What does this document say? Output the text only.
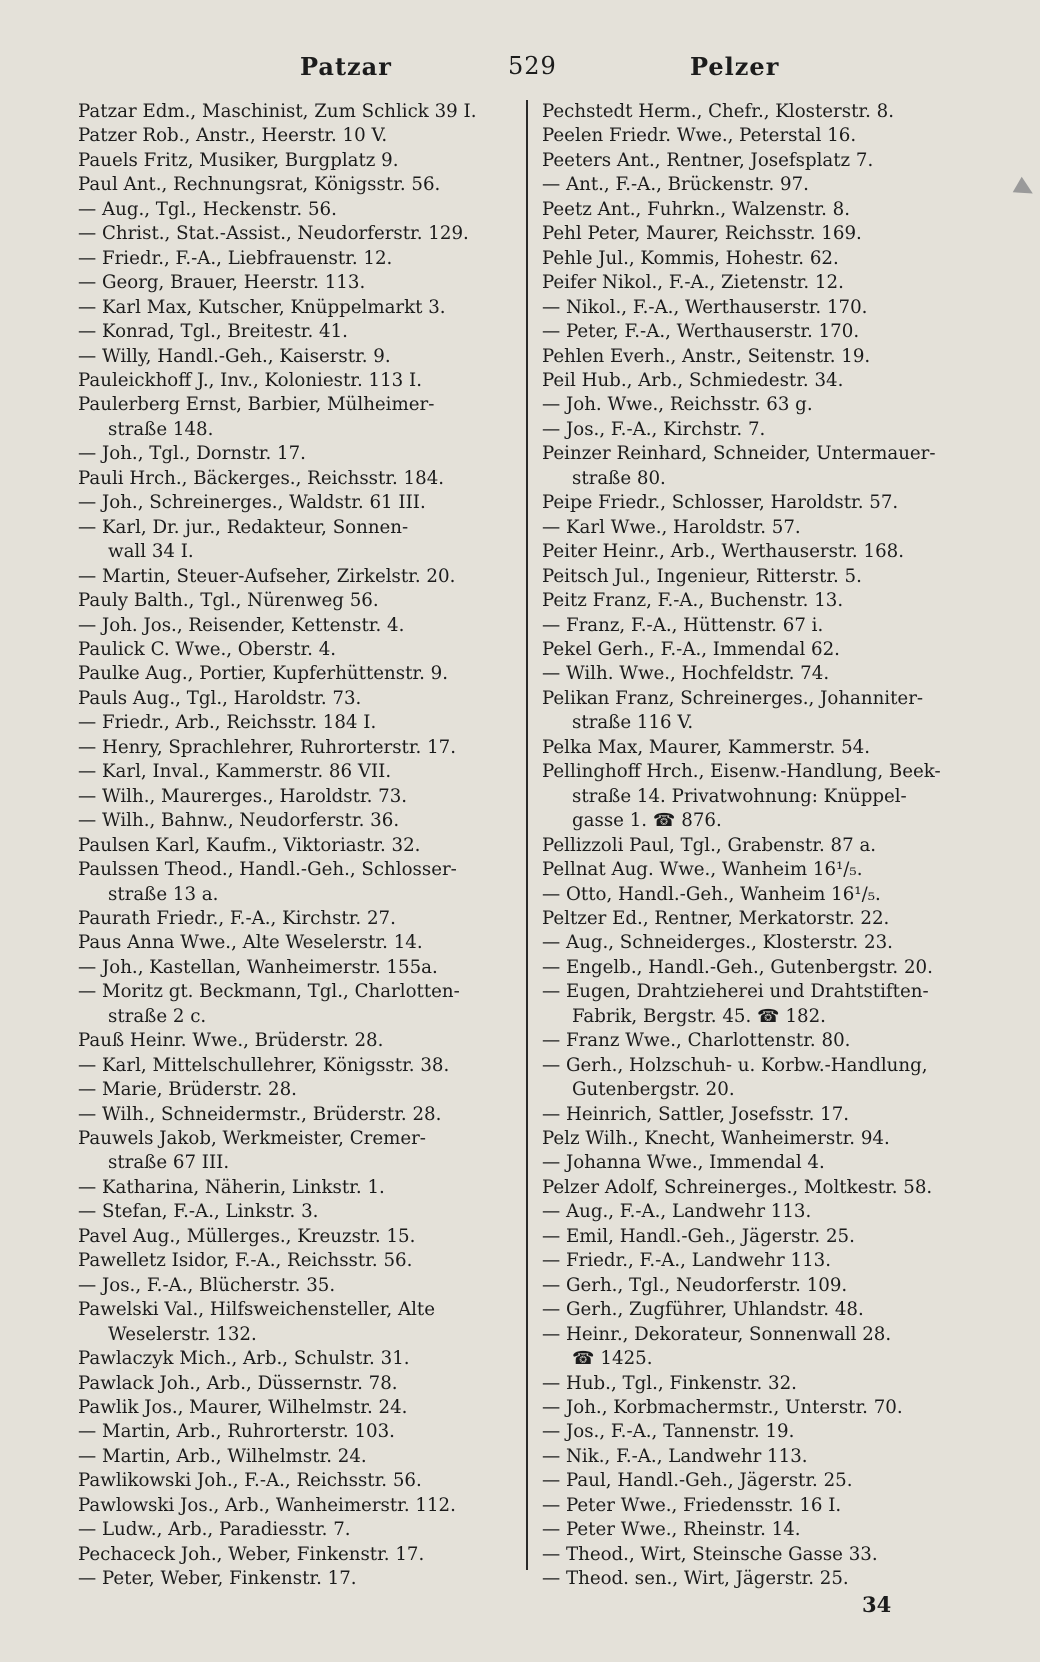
Patzar	529	Pelzer
Patzar Edm., Maschinist, Zum Schlick 39 I.
Patzer Rob., Anstr., Heerstr. 10 V.
Pauels Fritz, Musiker, Burgplatz 9.
Paul Ant., Rechnungsrat, Königsstr. 56.
— Aug., Tgl., Heckenstr. 56.
— Christ., Stat.-Assist., Neudorferstr. 129.
— Friedr., F.-A., Liebfrauenstr. 12.
— Georg, Brauer, Heerstr. 113.
— Karl Max, Kutscher, Knüppelmarkt 3.
— Konrad, Tgl., Breitestr. 41.
— Willy, Handl.-Geh., Kaiserstr. 9.
Pauleickhoff J., Inv., Koloniestr. 113 I.
Paulerberg Ernst, Barbier, Mülheimer-
straße 148.
— Joh., Tgl., Dornstr. 17.
Pauli Hrch., Bäckerges., Reichsstr. 184.
— Joh., Schreinerges., Waldstr. 61 III.
— Karl, Dr. jur., Redakteur, Sonnen-
wall 34 I.
— Martin, Steuer-Aufseher, Zirkelstr. 20.
Pauly Balth., Tgl., Nürenweg 56.
— Joh. Jos., Reisender, Kettenstr. 4.
Paulick C. Wwe., Oberstr. 4.
Paulke Aug., Portier, Kupferhüttenstr. 9.
Pauls Aug., Tgl., Haroldstr. 73.
— Friedr., Arb., Reichsstr. 184 I.
— Henry, Sprachlehrer, Ruhrorterstr. 17.
— Karl, Inval., Kammerstr. 86 VII.
— Wilh., Maurerges., Haroldstr. 73.
— Wilh., Bahnw., Neudorferstr. 36.
Paulsen Karl, Kaufm., Viktoriastr. 32.
Paulssen Theod., Handl.-Geh., Schlosser-
straße 13 a.
Paurath Friedr., F.-A., Kirchstr. 27.
Paus Anna Wwe., Alte Weselerstr. 14.
— Joh., Kastellan, Wanheimerstr. 155a.
— Moritz gt. Beckmann, Tgl., Charlotten-
straße 2 c.
Pauß Heinr. Wwe., Brüderstr. 28.
— Karl, Mittelschullehrer, Königsstr. 38.
— Marie, Brüderstr. 28.
— Wilh., Schneidermstr., Brüderstr. 28.
Pauwels Jakob, Werkmeister, Cremer-
straße 67 III.
— Katharina, Näherin, Linkstr. 1.
— Stefan, F.-A., Linkstr. 3.
Pavel Aug., Müllerges., Kreuzstr. 15.
Pawelletz Isidor, F.-A., Reichsstr. 56.
— Jos., F.-A., Blücherstr. 35.
Pawelski Val., Hilfsweichensteller, Alte
Weselerstr. 132.
Pawlaczyk Mich., Arb., Schulstr. 31.
Pawlack Joh., Arb., Düssernstr. 78.
Pawlik Jos., Maurer, Wilhelmstr. 24.
— Martin, Arb., Ruhrorterstr. 103.
— Martin, Arb., Wilhelmstr. 24.
Pawlikowski Joh., F.-A., Reichsstr. 56.
Pawlowski Jos., Arb., Wanheimerstr. 112.
— Ludw., Arb., Paradiesstr. 7.
Pechaceck Joh., Weber, Finkenstr. 17.
— Peter, Weber, Finkenstr. 17.
Pechstedt Herm., Chefr., Klosterstr. 8.
Peelen Friedr. Wwe., Peterstal 16.
Peeters Ant., Rentner, Josefsplatz 7.
— Ant., F.-A., Brückenstr. 97.
Peetz Ant., Fuhrkn., Walzenstr. 8.
Pehl Peter, Maurer, Reichsstr. 169.
Pehle Jul., Kommis, Hohestr. 62.
Peifer Nikol., F.-A., Zietenstr. 12.
— Nikol., F.-A., Werthauserstr. 170.
— Peter, F.-A., Werthauserstr. 170.
Pehlen Everh., Anstr., Seitenstr. 19.
Peil Hub., Arb., Schmiedestr. 34.
— Joh. Wwe., Reichsstr. 63 g.
— Jos., F.-A., Kirchstr. 7.
Peinzer Reinhard, Schneider, Untermauer-
straße 80.
Peipe Friedr., Schlosser, Haroldstr. 57.
— Karl Wwe., Haroldstr. 57.
Peiter Heinr., Arb., Werthauserstr. 168.
Peitsch Jul., Ingenieur, Ritterstr. 5.
Peitz Franz, F.-A., Buchenstr. 13.
— Franz, F.-A., Hüttenstr. 67 i.
Pekel Gerh., F.-A., Immendal 62.
— Wilh. Wwe., Hochfeldstr. 74.
Pelikan Franz, Schreinerges., Johanniter-
straße 116 V.
Pelka Max, Maurer, Kammerstr. 54.
Pellinghoff Hrch., Eisenw.-Handlung, Beek-
straße 14. Privatwohnung: Knüppel-
gasse 1. ☎ 876.
Pellizzoli Paul, Tgl., Grabenstr. 87 a.
Pellnat Aug. Wwe., Wanheim 16¹/₅.
— Otto, Handl.-Geh., Wanheim 16¹/₅.
Peltzer Ed., Rentner, Merkatorstr. 22.
— Aug., Schneiderges., Klosterstr. 23.
— Engelb., Handl.-Geh., Gutenbergstr. 20.
— Eugen, Drahtzieherei und Drahtstiften-
Fabrik, Bergstr. 45. ☎ 182.
— Franz Wwe., Charlottenstr. 80.
— Gerh., Holzschuh- u. Korbw.-Handlung,
Gutenbergstr. 20.
— Heinrich, Sattler, Josefsstr. 17.
Pelz Wilh., Knecht, Wanheimerstr. 94.
— Johanna Wwe., Immendal 4.
Pelzer Adolf, Schreinerges., Moltkestr. 58.
— Aug., F.-A., Landwehr 113.
— Emil, Handl.-Geh., Jägerstr. 25.
— Friedr., F.-A., Landwehr 113.
— Gerh., Tgl., Neudorferstr. 109.
— Gerh., Zugführer, Uhlandstr. 48.
— Heinr., Dekorateur, Sonnenwall 28.
☎ 1425.
— Hub., Tgl., Finkenstr. 32.
— Joh., Korbmachermstr., Unterstr. 70.
— Jos., F.-A., Tannenstr. 19.
— Nik., F.-A., Landwehr 113.
— Paul, Handl.-Geh., Jägerstr. 25.
— Peter Wwe., Friedensstr. 16 I.
— Peter Wwe., Rheinstr. 14.
— Theod., Wirt, Steinsche Gasse 33.
— Theod. sen., Wirt, Jägerstr. 25.
34
